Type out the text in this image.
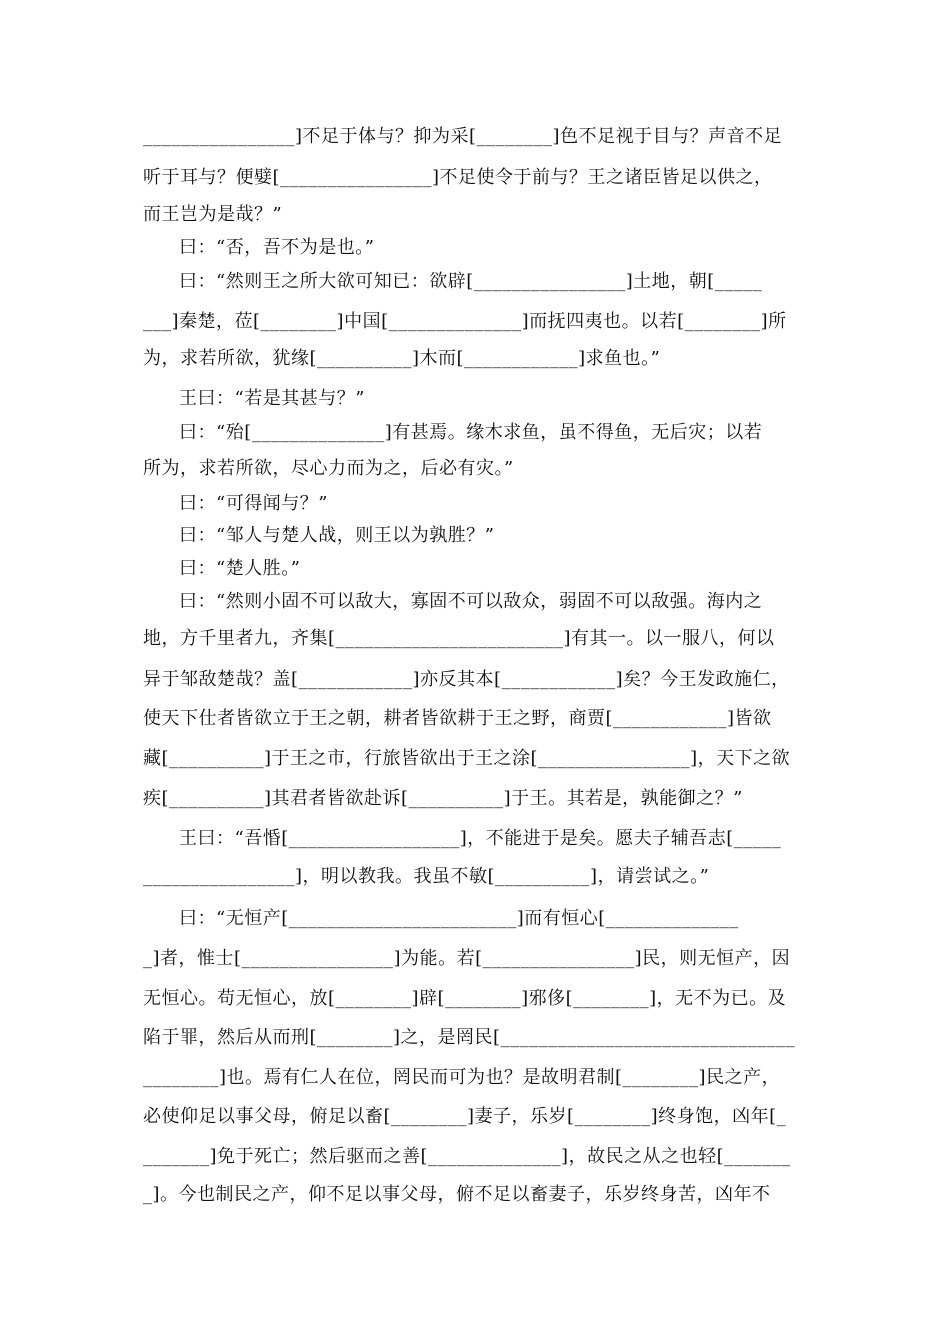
________________]不足于体与？抑为采[________]色不足视于目与？声音不足
听于耳与？便嬖[________________]不足使令于前与？王之诸臣皆足以供之，
而王岂为是哉？”
曰：“否，吾不为是也。”
曰：“然则王之所大欲可知已：欲辟[________________]土地，朝[_____
___]秦楚，莅[________]中国[______________]而抚四夷也。以若[________]所
为，求若所欲，犹缘[__________]木而[____________]求鱼也。”
王曰：“若是其甚与？”
曰：“殆[______________]有甚焉。缘木求鱼，虽不得鱼，无后灾；以若
所为，求若所欲，尽心力而为之，后必有灾。”
曰：“可得闻与？”
曰：“邹人与楚人战，则王以为孰胜？”
曰：“楚人胜。”
曰：“然则小固不可以敌大，寡固不可以敌众，弱固不可以敌强。海内之
地，方千里者九，齐集[________________________]有其一。以一服八，何以
异于邹敌楚哉？盖[____________]亦反其本[____________]矣？今王发政施仁，
使天下仕者皆欲立于王之朝，耕者皆欲耕于王之野，商贾[____________]皆欲
藏[__________]于王之市，行旅皆欲出于王之涂[________________]，天下之欲
疾[__________]其君者皆欲赴诉[__________]于王。其若是，孰能御之？”
王曰：“吾惛[__________________]，不能进于是矣。愿夫子辅吾志[_____
________________]，明以教我。我虽不敏[__________]，请尝试之。”
曰：“无恒产[________________________]而有恒心[______________
_]者，惟士[________________]为能。若[________________]民，则无恒产，因
无恒心。苟无恒心，放[________]辟[________]邪侈[________]，无不为已。及
陷于罪，然后从而刑[________]之，是罔民[_______________________________
________]也。焉有仁人在位，罔民而可为也？是故明君制[________]民之产，
必使仰足以事父母，俯足以畜[________]妻子，乐岁[________]终身饱，凶年[_
_______]免于死亡；然后驱而之善[______________]，故民之从之也轻[_______
_]。今也制民之产，仰不足以事父母，俯不足以畜妻子，乐岁终身苦，凶年不
